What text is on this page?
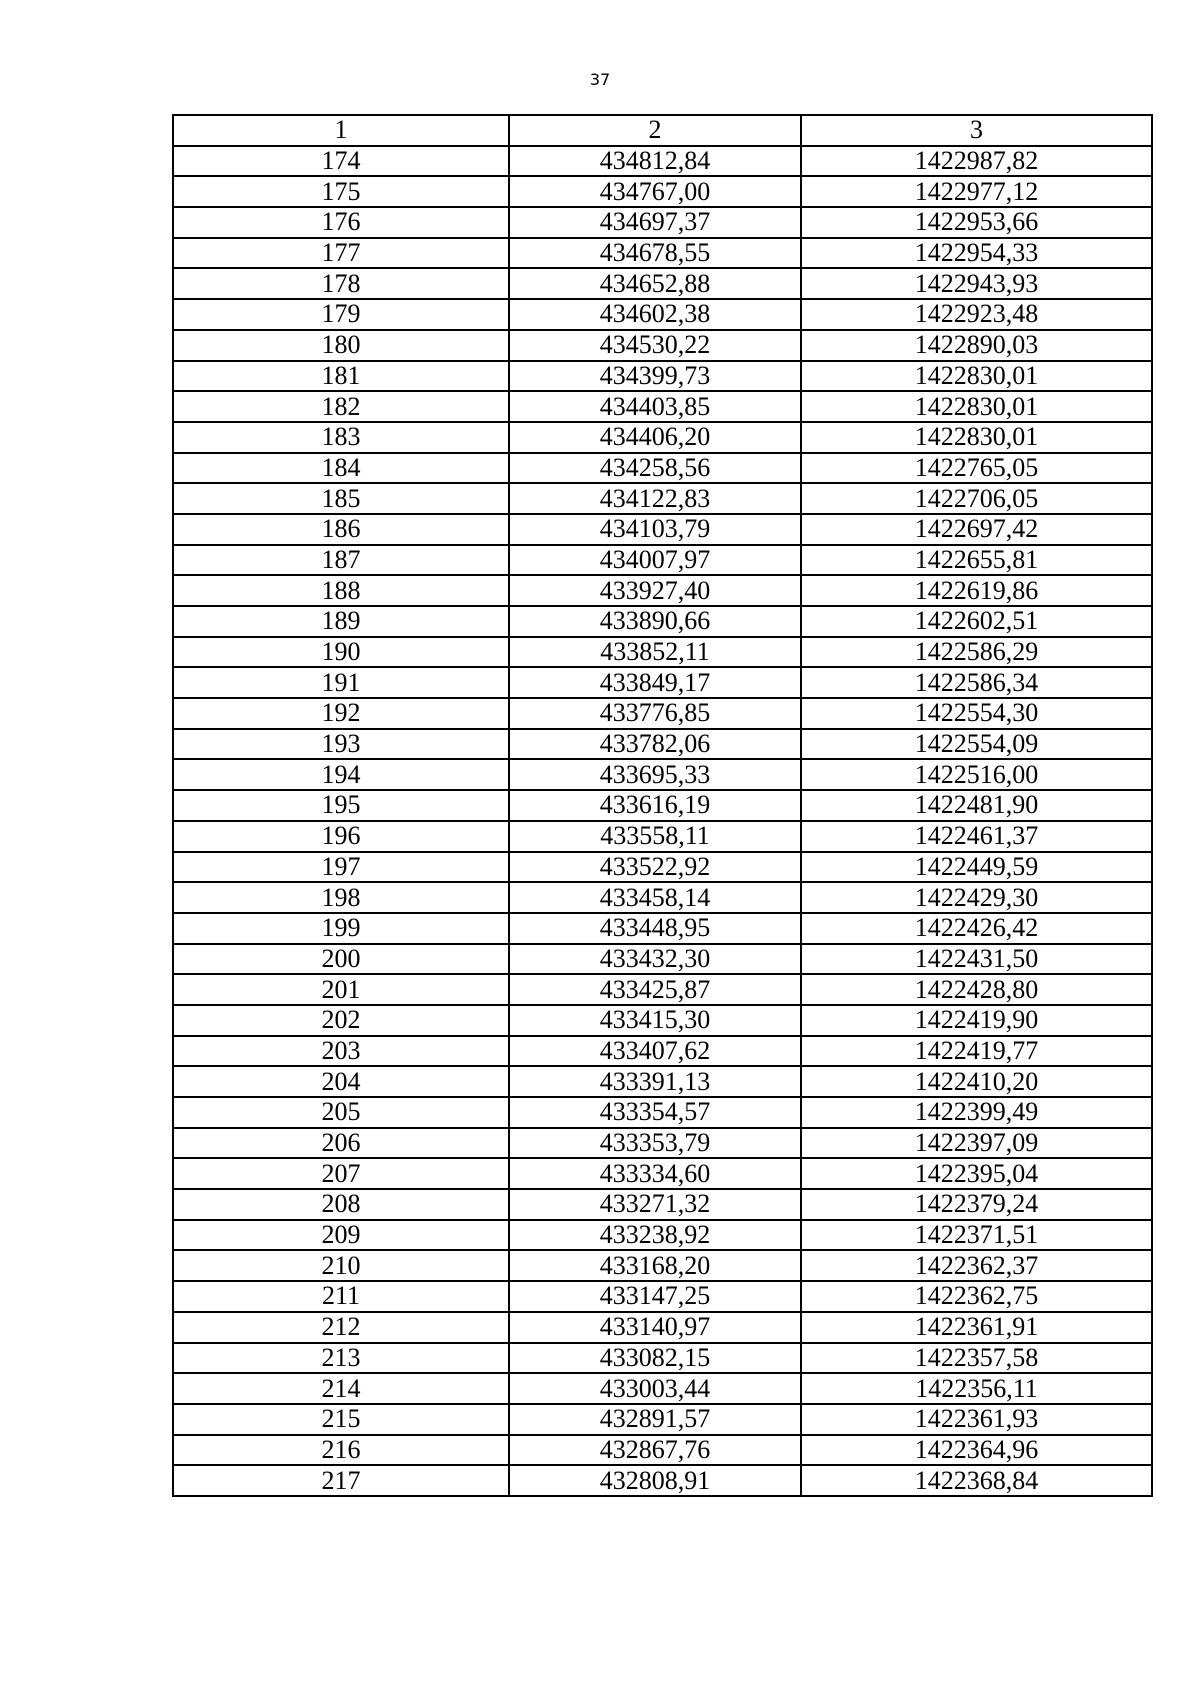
37
1	2	3
174	434812,84	1422987,82
175	434767,00	1422977,12
176	434697,37	1422953,66
177	434678,55	1422954,33
178	434652,88	1422943,93
179	434602,38	1422923,48
180	434530,22	1422890,03
181	434399,73	1422830,01
182	434403,85	1422830,01
183	434406,20	1422830,01
184	434258,56	1422765,05
185	434122,83	1422706,05
186	434103,79	1422697,42
187	434007,97	1422655,81
188	433927,40	1422619,86
189	433890,66	1422602,51
190	433852,11	1422586,29
191	433849,17	1422586,34
192	433776,85	1422554,30
193	433782,06	1422554,09
194	433695,33	1422516,00
195	433616,19	1422481,90
196	433558,11	1422461,37
197	433522,92	1422449,59
198	433458,14	1422429,30
199	433448,95	1422426,42
200	433432,30	1422431,50
201	433425,87	1422428,80
202	433415,30	1422419,90
203	433407,62	1422419,77
204	433391,13	1422410,20
205	433354,57	1422399,49
206	433353,79	1422397,09
207	433334,60	1422395,04
208	433271,32	1422379,24
209	433238,92	1422371,51
210	433168,20	1422362,37
211	433147,25	1422362,75
212	433140,97	1422361,91
213	433082,15	1422357,58
214	433003,44	1422356,11
215	432891,57	1422361,93
216	432867,76	1422364,96
217	432808,91	1422368,84
